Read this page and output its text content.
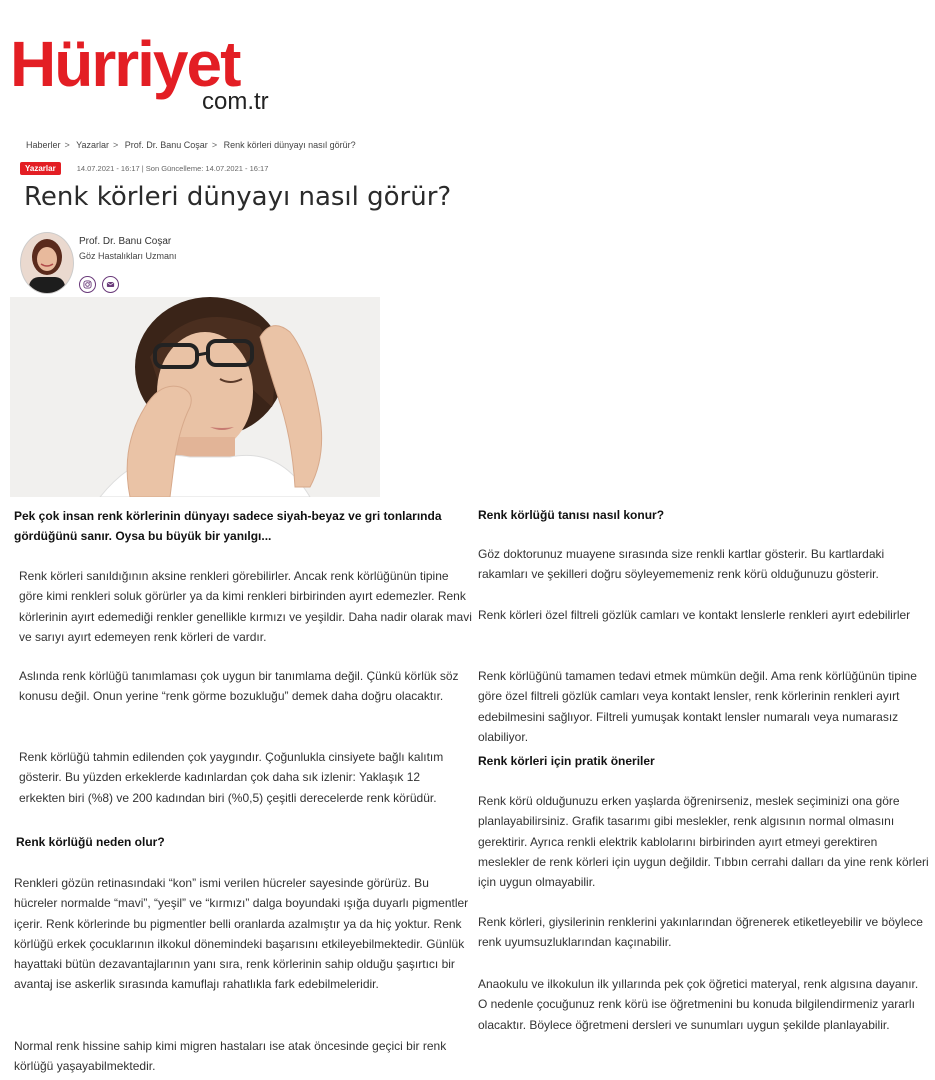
Hürriyet
com.tr
Haberler > Yazarlar > Prof. Dr. Banu Coşar > Renk körleri dünyayı nasıl görür?
Yazarlar	14.07.2021 - 16:17 | Son Güncelleme: 14.07.2021 - 16:17
Renk körleri dünyayı nasıl görür?
Prof. Dr. Banu Coşar
Göz Hastalıkları Uzmanı
Pek çok insan renk körlerinin dünyayı sadece siyah-beyaz ve gri tonlarında gördüğünü sanır. Oysa bu büyük bir yanılgı...

Renk körleri sanıldığının aksine renkleri görebilirler. Ancak renk körlüğünün tipine göre kimi renkleri soluk görürler ya da kimi renkleri birbirinden ayırt edemezler. Renk körlerinin ayırt edemediği renkler genellikle kırmızı ve yeşildir. Daha nadir olarak mavi ve sarıyı ayırt edemeyen renk körleri de vardır.

Aslında renk körlüğü tanımlaması çok uygun bir tanımlama değil. Çünkü körlük söz konusu değil. Onun yerine “renk görme bozukluğu” demek daha doğru olacaktır.

Renk körlüğü tahmin edilenden çok yaygındır. Çoğunlukla cinsiyete bağlı kalıtım gösterir. Bu yüzden erkeklerde kadınlardan çok daha sık izlenir: Yaklaşık 12 erkekten biri (%8) ve 200 kadından biri (%0,5) çeşitli derecelerde renk körüdür.

Renk körlüğü neden olur?

Renkleri gözün retinasındaki “kon” ismi verilen hücreler sayesinde görürüz. Bu hücreler normalde “mavi”, “yeşil” ve “kırmızı” dalga boyundaki ışığa duyarlı pigmentler içerir. Renk körlerinde bu pigmentler belli oranlarda azalmıştır ya da hiç yoktur. Renk körlüğü erkek çocuklarının ilkokul dönemindeki başarısını etkileyebilmektedir. Günlük hayattaki bütün dezavantajlarının yanı sıra, renk körlerinin sahip olduğu şaşırtıcı bir avantaj ise askerlik sırasında kamuflajı rahatlıkla fark edebilmeleridir.

Normal renk hissine sahip kimi migren hastaları ise atak öncesinde geçici bir renk körlüğü yaşayabilmektedir.

Renk körlüğü tanısı nasıl konur?

Göz doktorunuz muayene sırasında size renkli kartlar gösterir. Bu kartlardaki rakamları ve şekilleri doğru söyleyememeniz renk körü olduğunuzu gösterir.

Renk körleri özel filtreli gözlük camları ve kontakt lenslerle renkleri ayırt edebilirler

Renk körlüğünü tamamen tedavi etmek mümkün değil. Ama renk körlüğünün tipine göre özel filtreli gözlük camları veya kontakt lensler, renk körlerinin renkleri ayırt edebilmesini sağlıyor. Filtreli yumuşak kontakt lensler numaralı veya numarasız olabiliyor.

Renk körleri için pratik öneriler

Renk körü olduğunuzu erken yaşlarda öğrenirseniz, meslek seçiminizi ona göre planlayabilirsiniz. Grafik tasarımı gibi meslekler, renk algısının normal olmasını gerektirir. Ayrıca renkli elektrik kablolarını birbirinden ayırt etmeyi gerektiren meslekler de renk körleri için uygun değildir. Tıbbın cerrahi dalları da yine renk körleri için uygun olmayabilir.

Renk körleri, giysilerinin renklerini yakınlarından öğrenerek etiketleyebilir ve böylece renk uyumsuzluklarından kaçınabilir.

Anaokulu ve ilkokulun ilk yıllarında pek çok öğretici materyal, renk algısına dayanır. O nedenle çocuğunuz renk körü ise öğretmenini bu konuda bilgilendirmeniz yararlı olacaktır. Böylece öğretmeni dersleri ve sunumları uygun şekilde planlayabilir.
